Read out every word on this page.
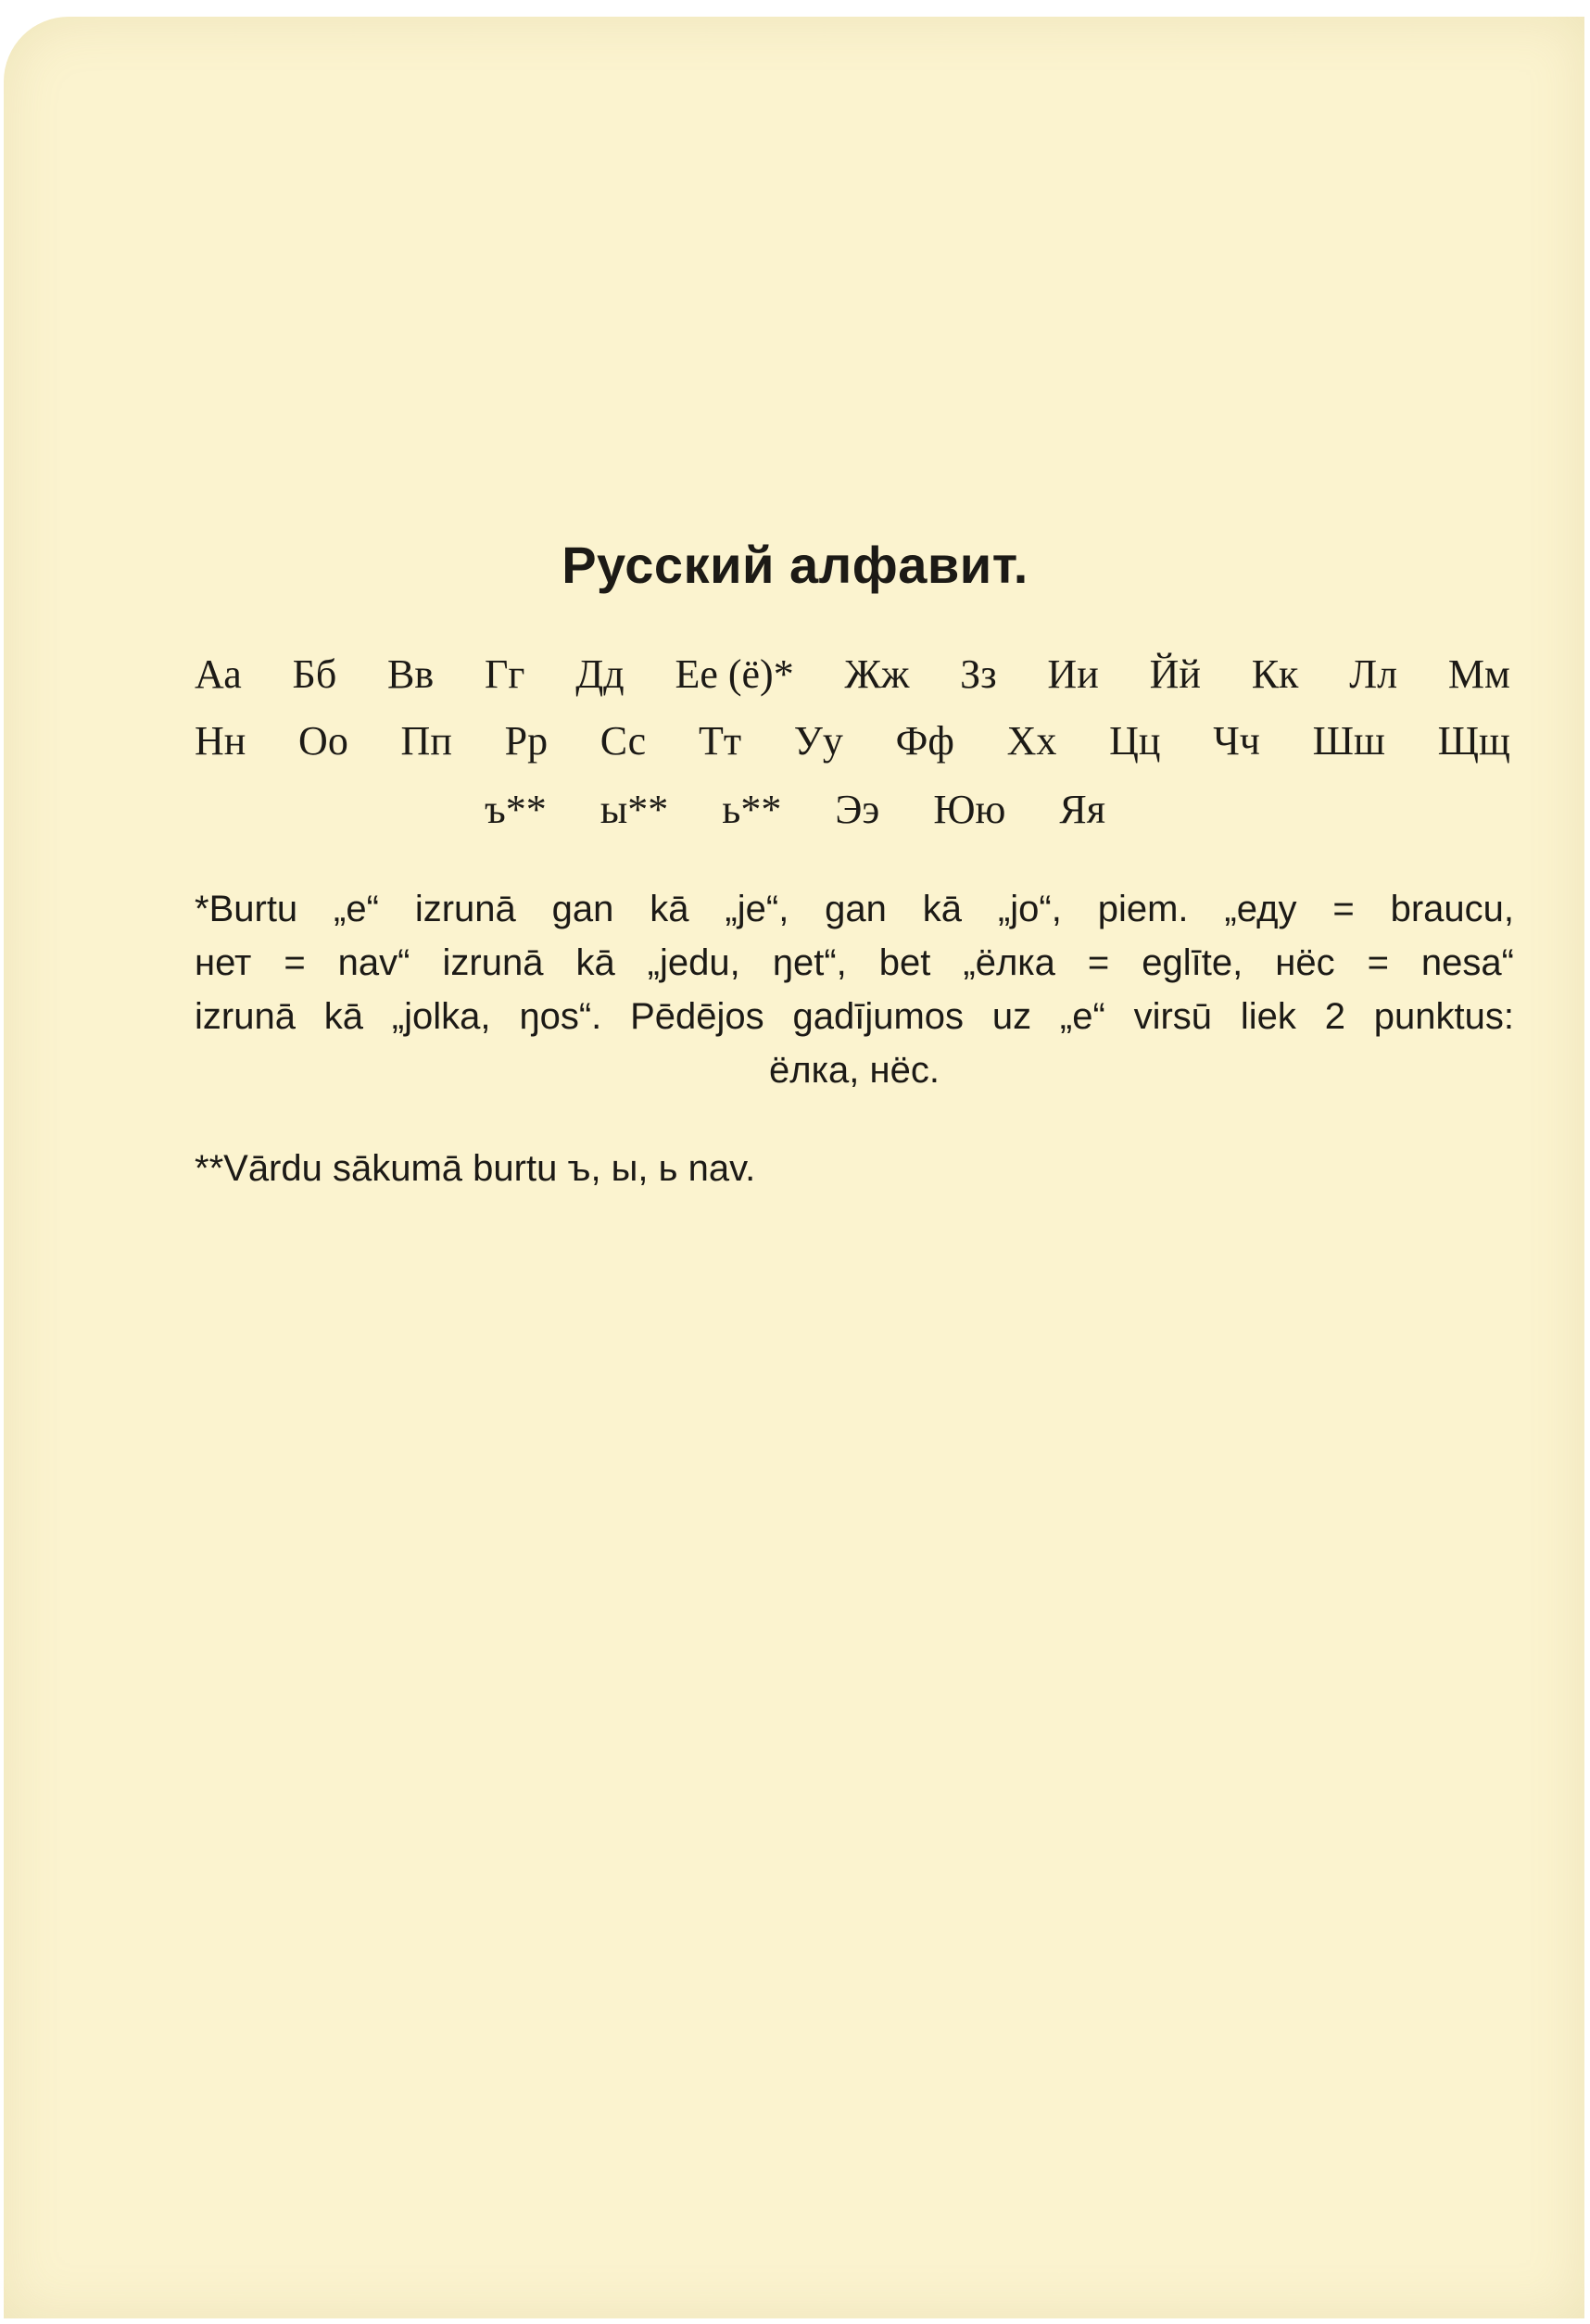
Русский алфавит.
Аа Бб Вв Гг Дд Ее (ё)* Жж Зз Ии Йй Кк Лл Мм
Нн Оо Пп Рр Сс Тт Уу Фф Хх Цц Чч Шш Щщ
ъ** ы** ь** Ээ Юю Яя
*Burtu „e“ izrunā gan kā „je“, gan kā „jo“, piem. „еду = braucu,
нет = nav“ izrunā kā „jedu, ŋet“, bet „ёлка = eglīte, нёс = nesa“
izrunā kā „jolka, ŋos“. Pēdējos gadījumos uz „e“ virsū liek 2 punktus:
ёлка, нёс.
**Vārdu sākumā burtu ъ, ы, ь nav.
